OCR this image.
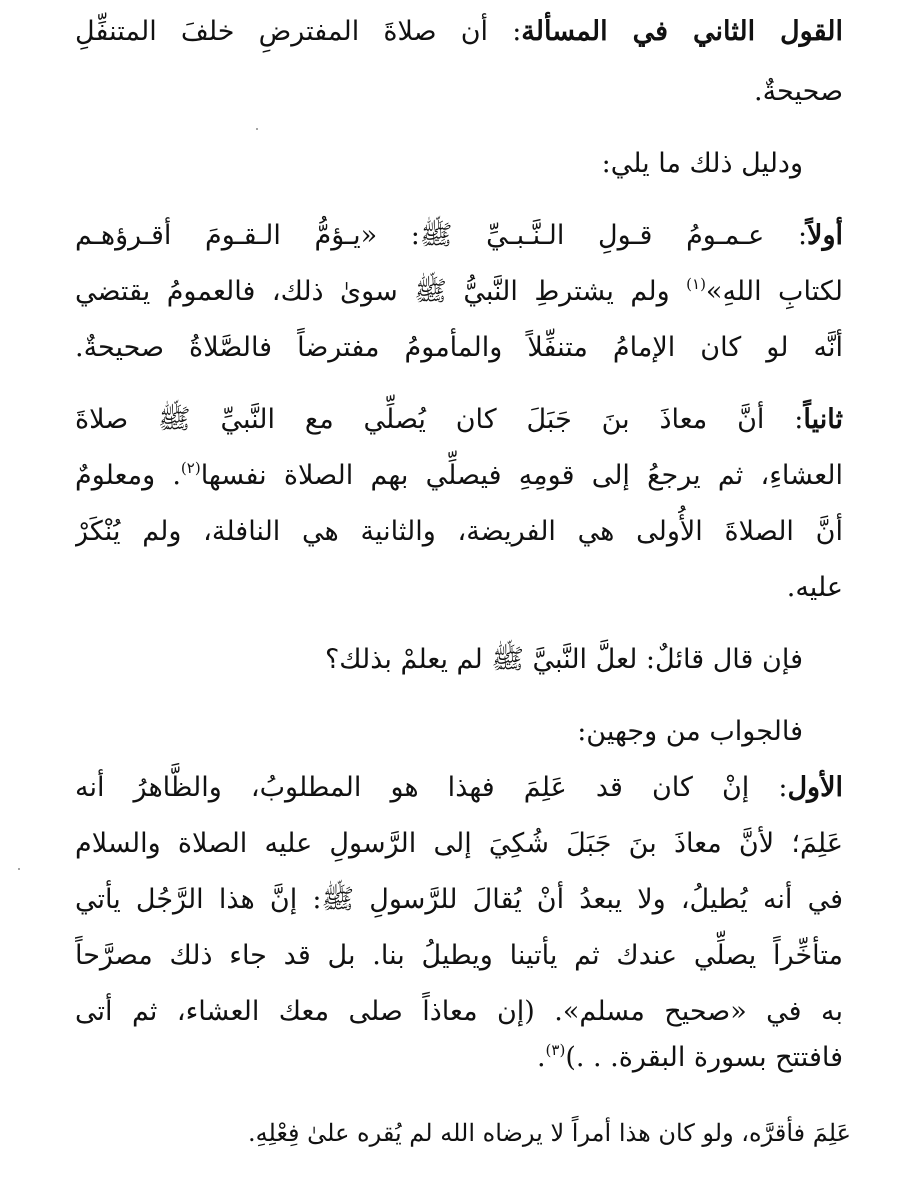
القول الثاني في المسألة: أن صلاةَ المفترضِ خلفَ المتنفِّلِ
صحيحةٌ.
ودليل ذلك ما يلي:
أولاً: عـمـومُ قـولِ الـنَّـبـيِّ ﷺ: «يـؤمُّ الـقـومَ أقـرؤهـم
لكتابِ اللهِ»$^{(١)}$ ولم يشترطِ النَّبيُّ ﷺ سوىٰ ذلك، فالعمومُ يقتضي
أنَّه لو كان الإمامُ متنفِّلاً والمأمومُ مفترضاً فالصَّلاةُ صحيحةٌ.
ثانياً: أنَّ معاذَ بنَ جَبَلَ كان يُصلِّي مع النَّبيِّ ﷺ صلاةَ
العشاءِ، ثم يرجعُ إلى قومِهِ فيصلِّي بهم الصلاة نفسها$^{(٢)}$. ومعلومٌ
أنَّ الصلاةَ الأُولى هي الفريضة، والثانية هي النافلة، ولم يُنْكَرْ
عليه.
فإن قال قائلٌ: لعلَّ النَّبيَّ ﷺ لم يعلمْ بذلك؟
فالجواب من وجهين:
الأول: إنْ كان قد عَلِمَ فهذا هو المطلوبُ، والظَّاهرُ أنه
عَلِمَ؛ لأنَّ معاذَ بنَ جَبَلَ شُكِيَ إلى الرَّسولِ عليه الصلاة والسلام
في أنه يُطيلُ، ولا يبعدُ أنْ يُقالَ للرَّسولِ ﷺ: إنَّ هذا الرَّجُل يأتي
متأخِّراً يصلِّي عندك ثم يأتينا ويطيلُ بنا. بل قد جاء ذلك مصرَّحاً
به في «صحيح مسلم». (إن معاذاً صلى معك العشاء، ثم أتى
فافتتح بسورة البقرة. . .)$^{(٣)}$.
عَلِمَ فأقرَّه، ولو كان هذا أمراً لا يرضاه الله لم يُقره علىٰ فِعْلِهِ.
